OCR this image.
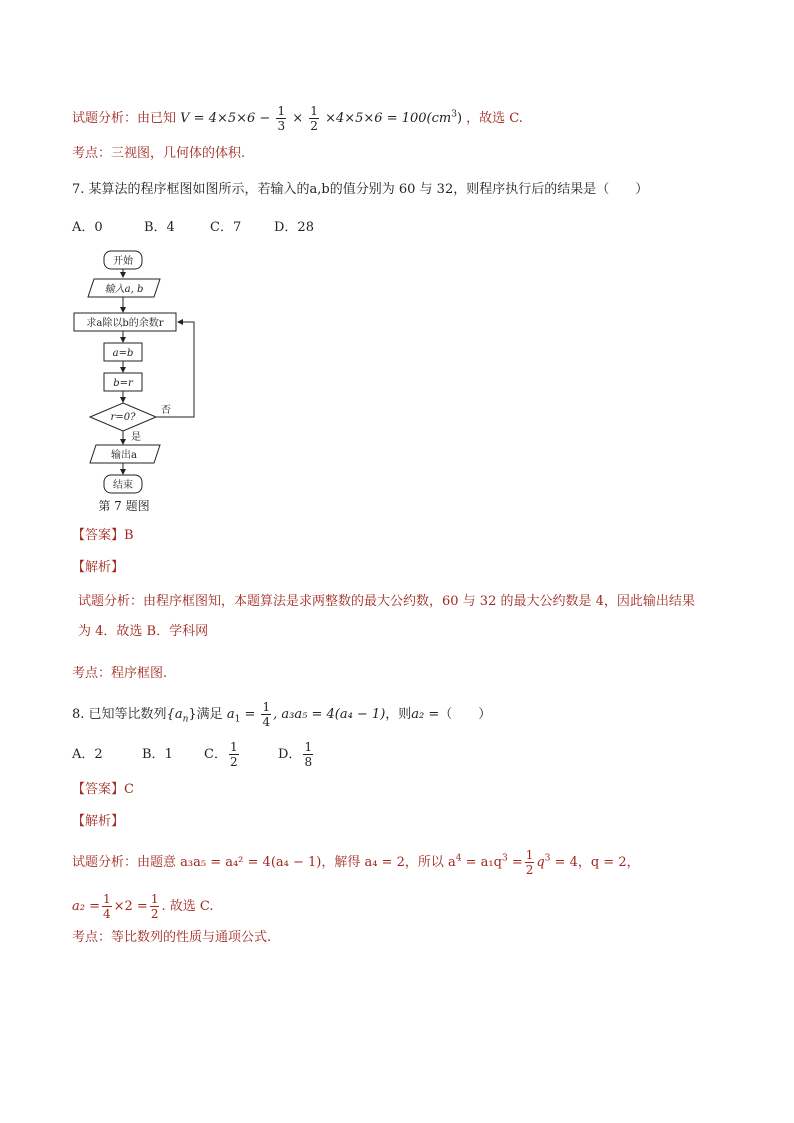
试题分析：由已知 $V = 4\times 5\times 6 - \frac{1}{3} \times \frac{1}{2} \times 4\times 5\times 6 = 100(cm^3)$ ，故选 C.
考点：三视图，几何体的体积.
7. 某算法的程序框图如图所示，若输入的a,b的值分别为 60 与 32，则程序执行后的结果是（　　）
A．0	B．4	C．7	D．28
开始
输入a, b
求a除以b的余数r
a=b
b=r
r=0?
否
是
输出a
结束
第 7 题图
【答案】B
【解析】
试题分析：由程序框图知，本题算法是求两整数的最大公约数，60 与 32 的最大公约数是 4，因此输出结果
为 4．故选 B．学科网
考点：程序框图.
8. 已知等比数列$\{a_n\}$满足 $a_1 = \frac{1}{4}$ , a₃a₅ = 4(a₄ − 1)，则a₂ =（　　）
A．2	B．1 C． $\frac{1}{2}$	D． $\frac{1}{8}$
【答案】C
【解析】
试题分析：由题意 a₃a₅ = a₄² = 4(a₄ − 1)，解得 a₄ = 2，所以 $a^4 = a_1q^3 = \frac{1}{2} q^3 = 4$，q = 2，
$a_2 = \frac{1}{4} \times 2 = \frac{1}{2}$ . 故选 C.
考点：等比数列的性质与通项公式.
